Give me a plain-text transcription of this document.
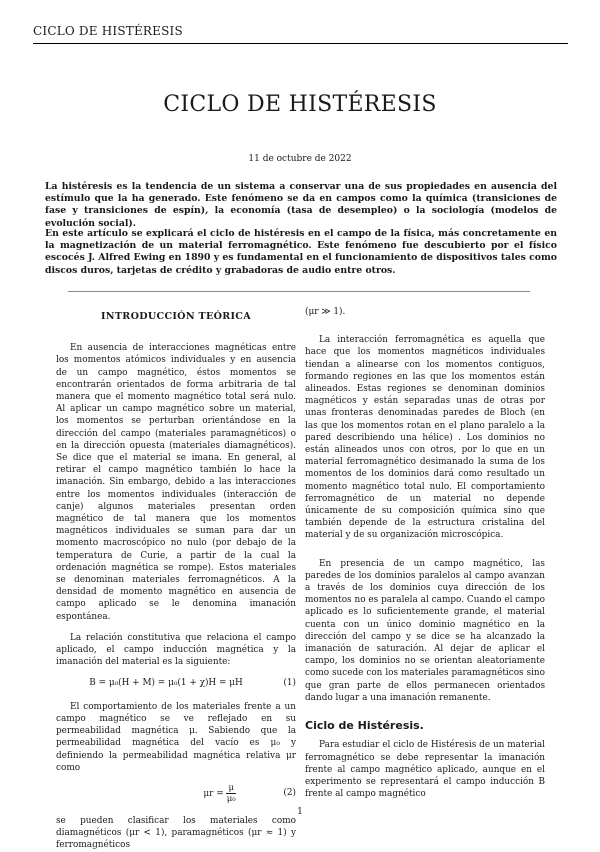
CICLO DE HISTÉRESIS
CICLO DE HISTÉRESIS
11 de octubre de 2022

La histéresis es la tendencia de un sistema a conservar una de sus propiedades en ausencia del estímulo que la ha generado. Este fenómeno se da en campos como la química (transiciones de fase y transiciones de espín), la economía (tasa de desempleo) o la sociología (modelos de evolución social).

En este artículo se explicará el ciclo de histéresis en el campo de la física, más concretamente en la magnetización de un material ferromagnético. Este fenómeno fue descubierto por el físico escocés J. Alfred Ewing en 1890 y es fundamental en el funcionamiento de dispositivos tales como discos duros, tarjetas de crédito y grabadoras de audio entre otros.

INTRODUCCIÓN TEÓRICA

En ausencia de interacciones magnéticas entre los momentos atómicos individuales y en ausencia de un campo magnético, éstos momentos se encontrarán orientados de forma arbitraria de tal manera que el momento magnético total será nulo. Al aplicar un campo magnético sobre un material, los momentos se perturban orientándose en la dirección del campo (materiales paramagnéticos) o en la dirección opuesta (materiales diamagnéticos). Se dice que el material se imana. En general, al retirar el campo magnético también lo hace la imanación. Sin embargo, debido a las interacciones entre los momentos individuales (interacción de canje) algunos materiales presentan orden magnético de tal manera que los momentos magnéticos individuales se suman para dar un momento macroscópico no nulo (por debajo de la temperatura de Curie, a partir de la cual la ordenación magnética se rompe). Estos materiales se denominan materiales ferromagnéticos. A la densidad de momento magnético en ausencia de campo aplicado se le denomina imanación espontánea.

La relación constitutiva que relaciona el campo aplicado, el campo inducción magnética y la imanación del material es la siguiente:

B = μ₀(H + M) = μ₀(1 + χ)H = μH	(1)

El comportamiento de los materiales frente a un campo magnético se ve reflejado en su permeabilidad magnética μ. Sabiendo que la permeabilidad magnética del vacío es μ₀ y definiendo la permeabilidad magnética relativa μr como

$\mu r = \frac{\mu}{\text{μ₀}}$	(2)

se pueden clasificar los materiales como diamagnéticos (μr < 1), paramagnéticos (μr ≈ 1) y ferromagnéticos

(μr ≫ 1).

La interacción ferromagnética es aquella que hace que los momentos magnéticos individuales tiendan a alinearse con los momentos contiguos, formando regiones en las que los momentos están alineados. Estas regiones se denominan dominios magnéticos y están separadas unas de otras por unas fronteras denominadas paredes de Bloch (en las que los momentos rotan en el plano paralelo a la pared describiendo una hélice) . Los dominios no están alineados unos con otros, por lo que en un material ferromagnético desimanado la suma de los momentos de los dominios dará como resultado un momento magnético total nulo. El comportamiento ferromagnético de un material no depende únicamente de su composición química sino que también depende de la estructura cristalina del material y de su organización microscópica.

En presencia de un campo magnético, las paredes de los dominios paralelos al campo avanzan a través de los dominios cuya dirección de los momentos no es paralela al campo. Cuando el campo aplicado es lo suficientemente grande, el material cuenta con un único dominio magnético en la dirección del campo y se dice se ha alcanzado la imanación de saturación. Al dejar de aplicar el campo, los dominios no se orientan aleatoriamente como sucede con los materiales paramagnéticos sino que gran parte de ellos permanecen orientados dando lugar a una imanación remanente.

Ciclo de Histéresis.

Para estudiar el ciclo de Histéresis de un material ferromagnético se debe representar la imanación frente al campo magnético aplicado, aunque en el experimento se representará el campo inducción B frente al campo magnético

1
